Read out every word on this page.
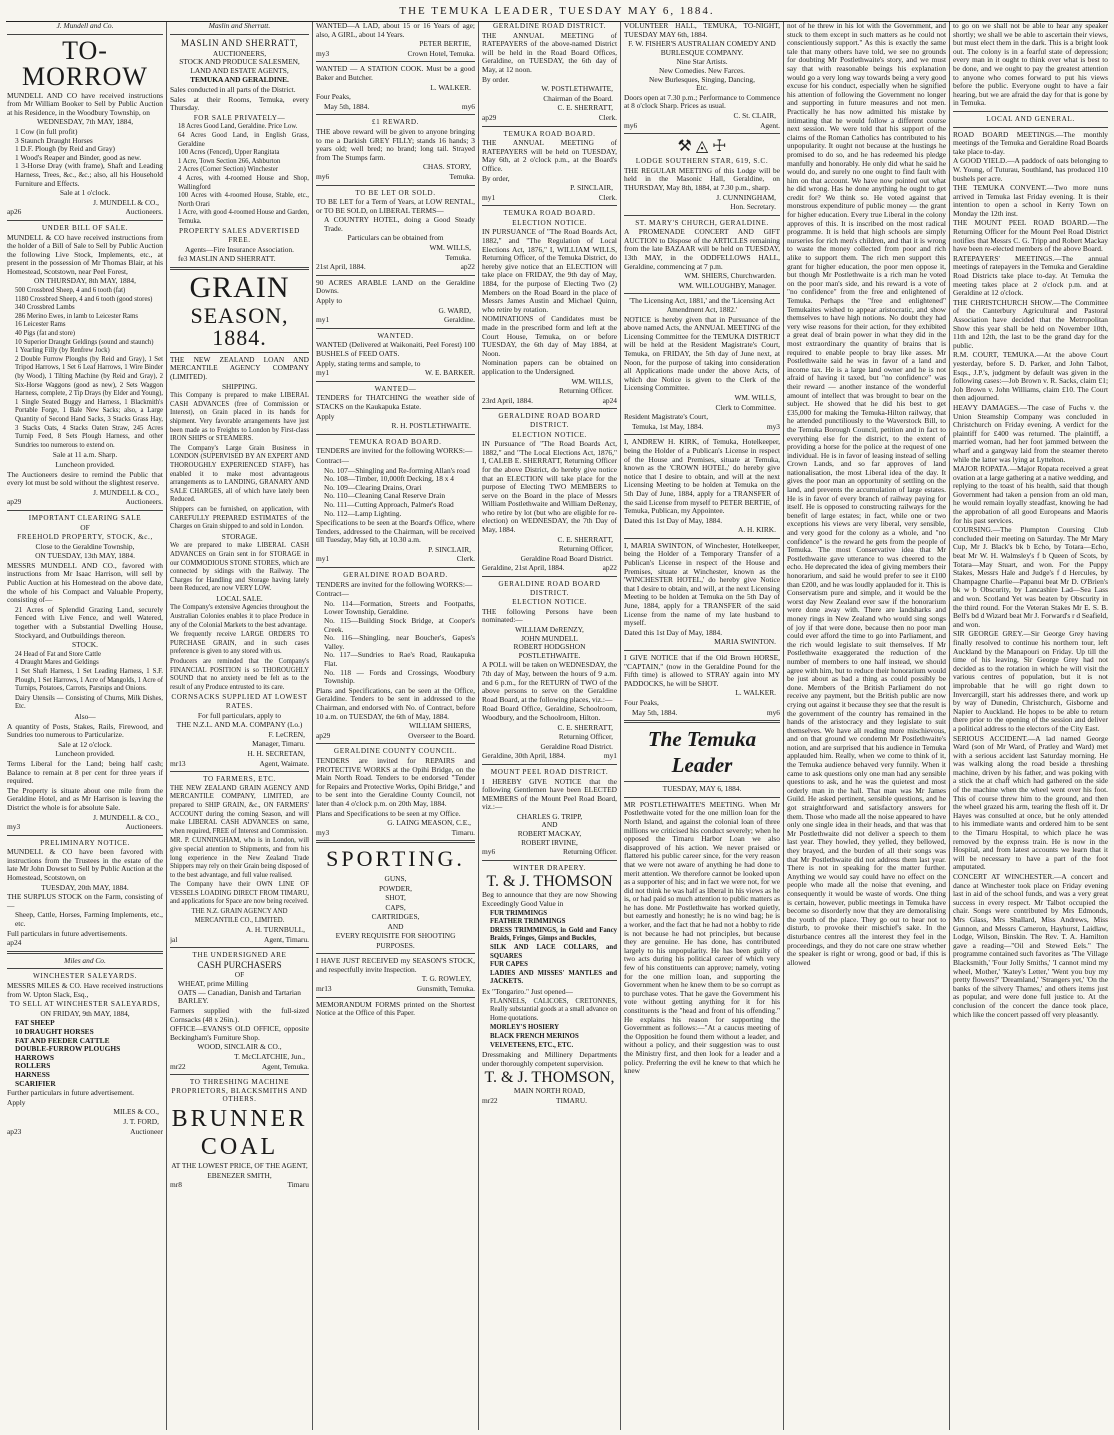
THE TEMUKA LEADER, TUESDAY MAY 6, 1884.
J. Mundell and Co.
TO-MORROW

MUNDELL AND CO have received instructions from Mr William Booker to Sell by Public Auction at his Residence, in the Woodbury Township, on

WEDNESDAY, 7th MAY, 1884,

1 Cow (in full profit)
3 Staunch Draught Horses
1 D.F. Plough (by Reid and Gray)
1 Wood's Reaper and Binder, good as new.
1 3-Horse Dray (with frame), Shaft and Leading Harness, Trees, &c., &c.; also, all his Household Furniture and Effects.

Sale at 1 o'clock.

J. MUNDELL & CO.,

ap26	Auctioneers.

UNDER BILL OF SALE.

MUNDELL & CO have received instructions from the holder of a Bill of Sale to Sell by Public Auction the following Live Stock, Implements, etc., at present in the possession of Mr Thomas Blair, at his Homestead, Scotstown, near Peel Forest,

ON THURSDAY, 8th MAY, 1884,

500 Crossbred Sheep, 4 and 6 tooth (fat)
1180 Crossbred Sheep, 4 and 6 tooth (good stores)
340 Crossbred Lambs
286 Merino Ewes, in lamb to Leicester Rams
16 Leicester Rams
40 Pigs (fat and store)
10 Superior Draught Geldings (sound and staunch)
1 Yearling Filly (by Renfrew Jock)
2 Double Furrow Ploughs (by Reid and Gray), 1 Set Tripod Harrows, 1 Set 6 Leaf Harrows, 1 Wire Binder (by Wood), 1 Tilting Machine (by Reid and Gray), 2 Six-Horse Waggons (good as new), 2 Sets Waggon Harness, complete, 2 Tip Drays (by Elder and Young), 1 Single Seated Buggy and Harness, 1 Blackmith's Portable Forge, 1 Bale New Sacks; also, a Large Quantity of Second Hand Sacks, 3 Stacks Grass Hay, 3 Stacks Oats, 4 Stacks Oaten Straw, 245 Acres Turnip Feed, 8 Sets Plough Harness, and other Sundries too numerous to extend on.

Sale at 11 a.m. Sharp.

Luncheon provided.

The Auctioneers desire to remind the Public that every lot must be sold without the slightest reserve.

J. MUNDELL & CO.,

ap29	Auctioneers.

IMPORTANT CLEARING SALE

OF

FREEHOLD PROPERTY, STOCK, &c.,

Close to the Geraldine Township,

ON TUESDAY, 13th MAY, 1884.

MESSRS MUNDELL AND CO., favored with instructions from Mr Isaac Harrison, will sell by Public Auction at his Homestead on the above date, the whole of his Compact and Valuable Property, consisting of—

21 Acres of Splendid Grazing Land, securely Fenced with Live Fence, and well Watered, together with a Substantial Dwelling House, Stockyard, and Outbuildings thereon.

STOCK.

24 Head of Fat and Store Cattle
4 Draught Mares and Geldings
1 Set Shaft Harness, 1 Set Leading Harness, 1 S.F. Plough, 1 Set Harrows, 1 Acre of Mangolds, 1 Acre of Turnips, Potatoes, Carrots, Parsnips and Onions.

Dairy Utensils — Consisting of Churns, Milk Dishes, Etc.

Also—

A quantity of Posts, Stakes, Rails, Firewood, and Sundries too numerous to Particularize.

Sale at 12 o'clock.

Luncheon provided.

Terms Liberal for the Land; being half cash; Balance to remain at 8 per cent for three years if required.

The Property is situate about one mile from the Geraldine Hotel, and as Mr Harrison is leaving the District the whole is for absolute Sale.

J. MUNDELL & CO.,

my3	Auctioneers.

PRELIMINARY NOTICE.

MUNDELL & CO have been favored with instructions from the Trustees in the estate of the late Mr John Dowset to Sell by Public Auction at the Homestead, Scotstown, on

TUESDAY, 20th MAY, 1884.

THE SURPLUS STOCK on the Farm, consisting of—

Sheep, Cattle, Horses, Farming Implements, etc., etc.

Full particulars in future advertisements.

ap24
Miles and Co.

WINCHESTER SALEYARDS.

MESSRS MILES & CO. Have received instructions from W. Upton Slack, Esq.,

TO SELL AT WINCHESTER SALEYARDS,

ON FRIDAY, 9th MAY, 1884,

FAT SHEEP
10 DRAUGHT HORSES
FAT AND FEEDER CATTLE
DOUBLE-FURROW PLOUGHS
HARROWS
ROLLERS
HARNESS
SCARIFIER

Further particulars in future advertisement.

Apply

MILES & CO.,

J. T. FORD,

ap23	Auctioneer
Maslin and Sherratt.

MASLIN AND SHERRATT,

AUCTIONEERS,
STOCK AND PRODUCE SALESMEN, LAND AND ESTATE AGENTS,

TEMUKA AND GERALDINE.

Sales conducted in all parts of the District.

Sales at their Rooms, Temuka, every Thursday.

FOR SALE PRIVATELY—

18 Acres Good Land, Geraldine. Price Low.
64 Acres Good Land, in English Grass, Geraldine
100 Acres (Fenced), Upper Rangitata
1 Acre, Town Section 266, Ashburton
2 Acres (Corner Section) Winchester
4 Acres, with 4-roomed House and Shop, Wallingford
100 Acres with 4-roomed House, Stable, etc., North Orari
1 Acre, with good 4-roomed House and Garden, Temuka.

PROPERTY SALES ADVERTISED FREE.

Agents—Fire Insurance Association.

fe3 MASLIN AND SHERRATT.

GRAIN
SEASON, 1884.

THE NEW ZEALAND LOAN AND MERCANTILE AGENCY COMPANY (LIMITED).

SHIPPING.

This Company is prepared to make LIBERAL CASH ADVANCES (free of Commission or Interest), on Grain placed in its hands for shipment. Very favorable arrangements have just been made as to Freights to London by First-class IRON SHIPS or STEAMERS.

The Company's Large Grain Business in LONDON (SUPERVISED BY AN EXPERT AND THOROUGHLY EXPERIENCED STAFF), has enabled it to make most advantageous arrangements as to LANDING, GRANARY AND SALE CHARGES, all of which have lately been Reduced.

Shippers can be furnished, on application, with CAREFULLY PREPARED ESTIMATES of the Charges on Grain shipped to and sold in London.

STORAGE.

We are prepared to make LIBERAL CASH ADVANCES on Grain sent in for STORAGE in our COMMODIOUS STONE STORES, which are connected by sidings with the Railway. The Charges for Handling and Storage having lately been Reduced, are now VERY LOW.

LOCAL SALE.

The Company's extensive Agencies throughout the Australian Colonies enables it to place Produce in any of the Colonial Markets to the best advantage.

We frequently receive LARGE ORDERS TO PURCHASE GRAIN, and in such cases preference is given to any stored with us.

Producers are reminded that the Company's FINANCIAL POSITION is so THOROUGHLY SOUND that no anxiety need be felt as to the result of any Produce entrusted to its care.

CORNSACKS SUPPLIED AT LOWEST RATES.

For full particulars, apply to

THE N.Z.L. AND M.A. COMPANY (Lo.)

F. LeCREN,

Manager, Timaru.

H. H. SECRETAN,

mr13	Agent, Waimate.

TO FARMERS, ETC.

THE NEW ZEALAND GRAIN AGENCY AND MERCANTILE COMPANY, LIMITED, are prepared to SHIP GRAIN, &c., ON FARMERS' ACCOUNT during the coming Season, and will make LIBERAL CASH ADVANCES on same, when required, FREE of Interest and Commission.

MR. P. CUNNINGHAM, who is in London, will give special attention to Shipments, and from his long experience in the New Zealand Trade Shippers may rely on their Grain being disposed of to the best advantage, and full value realised.

The Company have their OWN LINE OF VESSELS LOADING DIRECT FROM TIMARU, and applications for Space are now being received.

THE N.Z. GRAIN AGENCY AND MERCANTILE CO., LIMITED.

A. H. TURNBULL,

jal	Agent, Timaru.

THE UNDERSIGNED ARE

CASH PURCHASERS

OF

WHEAT, prime Milling
OATS — Canadian, Danish and Tartarian
BARLEY.

Farmers supplied with the full-sized Cornsacks (48 x 26in.).

OFFICE—EVANS'S OLD OFFICE, opposite Beckingham's Furniture Shop.

WOOD, SINCLAIR & CO.,

T. McCLATCHIE, Jun.,

mr22	Agent, Temuka.

TO THRESHING MACHINE PROPRIETORS, BLACKSMITHS AND OTHERS.

BRUNNER
COAL

AT THE LOWEST PRICE, OF THE AGENT,

EBENEZER SMITH,

mr8	Timaru

WANTED—A LAD, about 15 or 16 Years of age; also, A GIRL, about 14 Years.

PETER BERTIE,

my3	Crown Hotel, Temuka.

WANTED — A STATION COOK. Must be a good Baker and Butcher.

L. WALKER.

Four Peaks,

May 5th, 1884.	my6

£1 REWARD.

THE above reward will be given to anyone bringing to me a Darkish GREY FILLY; stands 16 hands; 3 years old; well bred; no brand; long tail. Strayed from The Stumps farm.

CHAS. STORY,

my6	Temuka.

TO BE LET OR SOLD.

TO BE LET for a Term of Years, at LOW RENTAL, or TO BE SOLD, on LIBERAL TERMS—

A COUNTRY HOTEL, doing a Good Steady Trade.

Particulars can be obtained from

WM. WILLS,

Temuka.

21st April, 1884.	ap22

90 ACRES ARABLE LAND on the Geraldine Downs.

Apply to

G. WARD,

my1	Geraldine.

WANTED.

WANTED (Delivered at Waikonaiti, Peel Forest) 100 BUSHELS of FEED OATS.

Apply, stating terms and sample, to

my1	W. E. BARKER.

WANTED—

TENDERS for THATCHING the weather side of STACKS on the Kaukapuka Estate.

Apply

R. H. POSTLETHWAITE.

TEMUKA ROAD BOARD.

TENDERS are invited for the following WORKS:—

Contract—

No. 107—Shingling and Re-forming Allan's road
No. 108—Timber, 10,000ft Decking, 18 x 4
No. 109—Clearing Drains, Orari
No. 110—Cleaning Canal Reserve Drain
No. 111—Cutting Approach, Palmer's Road
No. 112—Lamp Lighting.

Specifications to be seen at the Board's Office, where Tenders, addressed to the Chairman, will be received till Tuesday, May 6th, at 10.30 a.m.

P. SINCLAIR,

my1	Clerk.

GERALDINE ROAD BOARD.

TENDERS are invited for the following WORKS:—

Contract—

No. 114—Formation, Streets and Footpaths, Lower Township, Geraldine.
No. 115—Building Stock Bridge, at Cooper's Creek.
No. 116—Shingling, near Boucher's, Gapes's Valley.
No. 117—Sundries to Rae's Road, Raukapuka Flat.
No. 118 — Fords and Crossings, Woodbury Township.

Plans and Specifications, can be seen at the Office, Geraldine. Tenders to be sent in addressed to the Chairman, and endorsed with No. of Contract, before 10 a.m. on TUESDAY, the 6th of May, 1884.

WILLIAM SHIERS,

ap29	Overseer to the Board.

GERALDINE COUNTY COUNCIL.

TENDERS are invited for REPAIRS and PROTECTIVE WORKS at the Opihi Bridge, on the Main North Road. Tenders to be endorsed "Tender for Repairs and Protective Works, Opihi Bridge," and to be sent into the Geraldine County Council, not later than 4 o'clock p.m. on 20th May, 1884.

Plans and Specifications to be seen at my Office.

G. LAING MEASON, C.E.,

my3	Timaru.
SPORTING.

GUNS,
POWDER,
SHOT,
CAPS,
CARTRIDGES,
AND
EVERY REQUISITE FOR SHOOTING PURPOSES.

I HAVE JUST RECEIVED my SEASON'S STOCK, and respectfully invite Inspection.

T. G. ROWLEY,

mr13	Gunsmith, Temuka.

MEMORANDUM FORMS printed on the Shortest Notice at the Office of this Paper.

GERALDINE ROAD DISTRICT.

THE ANNUAL MEETING of RATEPAYERS of the above-named District will be held in the Road Board Offices, Geraldine, on TUESDAY, the 6th day of May, at 12 noon.

By order.

W. POSTLETHWAITE,

Chairman of the Board.

C. E. SHERRATT,

ap29	Clerk.

TEMUKA ROAD BOARD.

THE ANNUAL MEETING of RATEPAYERS will be held on TUESDAY, May 6th, at 2 o'clock p.m., at the Board's Office.

By order,

P. SINCLAIR,

my1	Clerk.

TEMUKA ROAD BOARD.

ELECTION NOTICE.

IN PURSUANCE of "The Road Boards Act, 1882," and "The Regulation of Local Elections Act, 1876," I, WILLIAM WILLS, Returning Officer, of the Temuka District, do hereby give notice that an ELECTION will take place on FRIDAY, the 9th day of May, 1884, for the purpose of Electing Two (2) Members on the Road Board in the place of Messrs James Austin and Michael Quinn, who retire by rotation.

NOMINATIONS of Candidates must be made in the prescribed form and left at the Court House, Temuka, on or before TUESDAY, the 6th day of May 1884, at Noon.

Nomination papers can be obtained on application to the Undersigned.

WM. WILLS,

Returning Officer.

23rd April, 1884.	ap24

GERALDINE ROAD BOARD DISTRICT.

ELECTION NOTICE.

IN Pursuance of "The Road Boards Act, 1882," and "The Local Elections Act, 1876," I, CALEB E. SHERRATT, Returning Officer for the above District, do hereby give notice that an ELECTION will take place for the purpose of Electing TWO MEMBERS to serve on the Board in the place of Messrs William Postlethwaite and William DeRenzy, who retire by lot (but who are eligible for re-election) on WEDNESDAY, the 7th Day of May, 1884.

C. E. SHERRATT,

Returning Officer,

Geraldine Road Board District.

Geraldine, 21st April, 1884.	ap22

GERALDINE ROAD BOARD DISTRICT.

ELECTION NOTICE.

THE following Persons have been nominated:—

WILLIAM DeRENZY,
JOHN MUNDELL
ROBERT HODGSHON POSTLETHWAITE.

A POLL will be taken on WEDNESDAY, the 7th day of May, between the hours of 9 a.m. and 6 p.m., for the RETURN of TWO of the above persons to serve on the Geraldine Road Board, at the following places, viz.:—

Road Board Office, Geraldine, Schoolroom, Woodbury, and the Schoolroom, Hilton.

C. E. SHERRATT,

Returning Officer,

Geraldine Road District.

Geraldine, 30th April, 1884.	my1

MOUNT PEEL ROAD DISTRICT.

I HEREBY GIVE NOTICE that the following Gentlemen have been ELECTED MEMBERS of the Mount Peel Road Board, viz.:—

CHARLES G. TRIPP,
AND
ROBERT MACKAY,
ROBERT IRVINE,

my6	Returning Officer.

WINTER DRAPERY.

T. & J. THOMSON

Beg to announce that they are now Showing Exceedingly Good Value in

FUR TRIMMINGS
FEATHER TRIMMINGS
DRESS TRIMMINGS, in Gold and Fancy Braids, Fringes, Gimps and Buckles,
SILK AND LACE COLLARS, and SQUARES
FUR CAPES
LADIES AND MISSES' MANTLES and JACKETS.

Ex "Tongariro." Just opened—

FLANNELS, CALICOES, CRETONNES, Really substantial goods at a small advance on Home quotations.

MORLEY'S HOSIERY
BLACK FRENCH MERINOS
VELVETEENS, ETC., ETC.

Dressmaking and Millinery Departments under thoroughly competent supervision.

T. & J. THOMSON,

MAIN NORTH ROAD,

mr22	TIMARU.

VOLUNTEER HALL, TEMUKA, TO-NIGHT, TUESDAY MAY 6th, 1884.

F. W. FISHER'S AUSTRALIAN COMEDY AND BURLESQUE COMPANY.

Nine Star Artists.
New Comedies. New Farces.
New Burlesques, Singing, Dancing,
Etc.

Doors open at 7.30 p.m.; Performance to Commence at 8 o'clock Sharp. Prices as usual.

C. St. CLAIR,

my6	Agent.
⚒ ◬ ☩

LODGE SOUTHERN STAR, 619, S.C.

THE REGULAR MEETING of this Lodge will be held in the Masonic Hall, Geraldine, on THURSDAY, May 8th, 1884, at 7.30 p.m., sharp.

J. CUNNINGHAM,

Hon. Secretary.

ST. MARY'S CHURCH, GERALDINE.

A PROMENADE CONCERT AND GIFT AUCTION to Dispose of the ARTICLES remaining from the late BAZAAR will be held on TUESDAY, 13th MAY, in the ODDFELLOWS HALL, Geraldine, commencing at 7 p.m.

WM. SHIERS, Churchwarden.

WM. WILLOUGHBY, Manager.

'The Licensing Act, 1881,' and the 'Licensing Act Amendment Act, 1882.'

NOTICE is hereby given that in Pursuance of the above named Acts, the ANNUAL MEETING of the Licensing Committee for the TEMUKA DISTRICT will be held at the Resident Magistrate's Court, Temuka, on FRIDAY, the 5th day of June next, at Noon, for the purpose of taking into consideration all Applications made under the above Acts, of which due Notice is given to the Clerk of the Licensing Committee.

WM. WILLS,

Clerk to Committee.

Resident Magistrate's Court,

Temuka, 1st May, 1884.	my3

I, ANDREW H. KIRK, of Temuka, Hotelkeeper, being the Holder of a Publican's License in respect of the House and Premises, situate at Temuka, known as the 'CROWN HOTEL,' do hereby give notice that I desire to obtain, and will at the next Licensing Meeting to be holden at Temuka on the 5th Day of June, 1884, apply for a TRANSFER of the said License from myself to PETER BERTIE, of Temuka, Publican, my Appointee.

Dated this 1st Day of May, 1884.

A. H. KIRK.

I, MARIA SWINTON, of Winchester, Hotelkeeper, being the Holder of a Temporary Transfer of a Publican's License in respect of the House and Premises, situate at Winchester, known as the 'WINCHESTER HOTEL,' do hereby give Notice that I desire to obtain, and will, at the next Licensing Meeting to be holden at Temuka on the 5th Day of June, 1884, apply for a TRANSFER of the said License from the name of my late husband to myself.

Dated this 1st Day of May, 1884.

MARIA SWINTON.

I GIVE NOTICE that if the Old Brown HORSE, "CAPTAIN," (now in the Geraldine Pound for the Fifth time) is allowed to STRAY again into MY PADDOCKS, he will be SHOT.

L. WALKER.

Four Peaks,

May 5th, 1884.	my6
The Temuka Leader

TUESDAY, MAY 6, 1884.

MR POSTLETHWAITE'S MEETING. When Mr Postlethwaite voted for the one million loan for the North Island, and against the colonial loan of three millions we criticised his conduct severely; when he opposed the Timaru Harbor Loan we also disapproved of his action. We never praised or flattered his public career since, for the very reason that we were not aware of anything he had done to merit attention. We therefore cannot be looked upon as a supporter of his; and in fact we were not, for we did not think he was half as liberal in his views as he is, or had paid so much attention to public matters as he has done. Mr Postlethwaite has worked quietly, but earnestly and honestly; he is no wind bag; he is a worker, and the fact that he had not a hobby to ride is not because he had not principles, but because they are genuine. He has done, has contributed largely to his unpopularity. He has been guilty of two acts during his political career of which very few of his constituents can approve; namely, voting for the one million loan, and supporting the Government when he knew them to be so corrupt as to purchase votes. That he gave the Government his vote without getting anything for it for his constituents is the "head and front of his offending." He explains his reason for supporting the Government as follows:—"At a caucus meeting of the Opposition he found them without a leader, and without a policy, and their suggestion was to oust the Ministry first, and then look for a leader and a policy. Preferring the evil he knew to that which he knew

not of he threw in his lot with the Government, and stuck to them except in such matters as he could not conscientiously support." As this is exactly the same tale that many others have told, we see no grounds for doubting Mr Postlethwaite's story, and we must say that with reasonable beings his explanation would go a very long way towards being a very good excuse for his conduct, especially when he signified his attention of following the Government no longer and supporting in future measures and not men. Practically he has now admitted his mistake by intimating that he would follow a different course next session. We were told that his support of the claims of the Roman Catholics has contributed to his unpopularity. It ought not because at the hustings he promised to do so, and he has redeemed his pledge manfully and honorably. He only did what he said he would do, and surely no one ought to find fault with him on that account. We have now pointed out what he did wrong. Has he done anything he ought to get credit for? We think so. He voted against that monstrous expenditure of public money — the grant for higher education. Every true Liberal in the colony approves of this. It is inscribed on the most radical programme. It is held that high schools are simply nurseries for rich men's children, and that it is wrong to waste the money collected from poor and rich alike to support them. The rich men support this grant for higher education, the poor men oppose it, but though Mr Postlethwaite is a rich man he voted on the poor man's side, and his reward is a vote of "no confidence" from the free and enlightened of Temuka. Perhaps the "free and enlightened" Temukaites wished to appear aristocratic, and show themselves to have high notions. No doubt they had very wise reasons for their action, for they exhibited a great deal of brain power in what they did in the most extraordinary the quantity of brains that is required to enable people to bray like asses. Mr Postlethwaite said he was in favor of a land and income tax. He is a large land owner and he is not afraid of having it taxed, but "no confidence" was their reward — another instance of the wonderful amount of intellect that was brought to bear on the subject. He showed that he did his best to get £35,000 for making the Temuka-Hilton railway, that he attended punctiliously to the Waverstock Bill, to the Temuka Borough Council, petition and in fact to everything else for the district, to the extent of providing a horse for the police at the request of one individual. He is in favor of leasing instead of selling Crown Lands, and so far approves of land nationalisation, the most Liberal idea of the day. It gives the poor man an opportunity of settling on the land, and prevents the accumulation of large estates. He is in favor of every branch of railway paying for itself. He is opposed to constructing railways for the benefit of large estates; in fact, while one or two exceptions his views are very liberal, very sensible, and very good for the colony as a whole, and "no confidence" is the reward he gets from the people of Temuka. The most Conservative idea that Mr Postlethwaite gave utterance to was cheered to the echo. He deprecated the idea of giving members their honorarium, and said he would prefer to see it £100 than £200, and he was loudly applauded for it. This is Conservatism pure and simple, and it would be the worst day New Zealand ever saw if the honorarium were done away with. There are landsharks and money rings in New Zealand who would sing songs of joy if that were done, because then no poor man could ever afford the time to go into Parliament, and the rich would legislate to suit themselves. If Mr Postlethwaite exaggerated the reduction of the number of members to one half instead, we should agree with him, but to reduce their honorarium would be just about as bad a thing as could possibly be done. Members of the British Parliament do not receive any payment, but the British public are now crying out against it because they see that the result is the government of the country has remained in the hands of the aristocracy and they legislate to suit themselves. We have all reading more mischievous, and on that ground we condemn Mr Postlethwaite's notion, and are surprised that his audience in Temuka applauded him. Really, when we come to think of it, the Temuka audience behaved very funnily. When it came to ask questions only one man had any sensible questions to ask, and he was the quietest and most orderly man in the hall. That man was Mr James Guild. He asked pertinent, sensible questions, and he got straightforward and satisfactory answers for them. Those who made all the noise appeared to have only one single idea in their heads, and that was that Mr Postlethwaite did not deliver a speech to them last year. They howled, they yelled, they bellowed, they brayed, and the burden of all their songs was that Mr Postlethwaite did not address them last year. There is not in speaking for the matter further. Anything we would say could have no effect on the people who made all the noise that evening, and consequently it would be waste of words. One thing is certain, however, public meetings in Temuka have become so disorderly now that they are demoralising the youth of the place. They go out to hear not to disturb, to provoke their mischief's sake. In the disturbance centres all the interest they feel in the proceedings, and they do not care one straw whether the speaker is right or wrong, good or bad, if this is allowed

to go on we shall not be able to hear any speaker shortly; we shall we be able to ascertain their views, but must elect them in the dark. This is a bright look out. The colony is in a fearful state of depression; every man in it ought to think over what is best to be done, and we ought to pay the greatest attention to anyone who comes forward to put his views before the public. Everyone ought to have a fair hearing, but we are afraid the day for that is gone by in Temuka.

LOCAL AND GENERAL.

ROAD BOARD MEETINGS.—The monthly meetings of the Temuka and Geraldine Road Boards take place to-day.

A GOOD YIELD.—A paddock of oats belonging to W. Young, of Tuturau, Southland, has produced 110 bushels per acre.

THE TEMUKA CONVENT.—Two more nuns arrived in Temuka last Friday evening. It is their intention to open a school in Kerry Town on Monday the 12th inst.

THE MOUNT PEEL ROAD BOARD.—The Returning Officer for the Mount Peel Road District notifies that Messrs C. G. Tripp and Robert Mackay have been re-elected members of the above Board.

RATEPAYERS' MEETINGS.—The annual meetings of ratepayers in the Temuka and Geraldine Road Districts take place to-day. At Temuka the meeting takes place at 2 o'clock p.m. and at Geraldine at 12 o'clock.

THE CHRISTCHURCH SHOW.—The Committee of the Canterbury Agricultural and Pastoral Association have decided that the Metropolitan Show this year shall be held on November 10th, 11th and 12th, the last to be the grand day for the public.

R.M. COURT, TEMUKA.—At the above Court yesterday, before S. D. Parker, and John Talbot, Esqs., J.P.'s, judgment by default was given in the following cases:—Job Brown v. R. Sacks, claim £1; Job Brown v. John Williams, claim £10. The Court then adjourned.

HEAVY DAMAGES.—The case of Fuchs v. the Union Steamship Company was concluded in Christchurch on Friday evening. A verdict for the plaintiff for £400 was returned. The plaintiff, a married woman, had her foot jammed between the wharf and a gangway laid from the steamer thereto while the latter was lying at Lyttelton.

MAJOR ROPATA.—Major Ropata received a great ovation at a large gathering at a native wedding, and replying to the toast of his health, said that though Government had taken a pension from an old man, he would remain loyally steadfast, knowing he had the approbation of all good Europeans and Maoris for his past services.

COURSING.—The Plumpton Coursing Club concluded their meeting on Saturday. The Mr Mary Cup, Mr J. Black's bk b Echo, by Totara—Echo, beat Mr W. H. Walmsley's f b Queen of Scots, by Totara—May Stuart, and won. For the Puppy Stakes, Messrs Hale and Judge's f d Hercules, by Champagne Charlie—Papanui beat Mr D. O'Brien's bk w b Obscurity, by Lancashire Lad—Sea Lass and won. Scotland Yet was beaten by Obscurity in the third round. For the Veteran Stakes Mr E. S. B. Bell's bd d Wizard beat Mr J. Forward's r d Seafield, and won.

SIR GEORGE GREY.—Sir George Grey having finally resolved to continue his northern tour, left Auckland by the Manapouri on Friday. Up till the time of his leaving, Sir George Grey had not decided as to the rotation in which he will visit the various centres of population, but it is not improbable that he will go right down to Invercargill, start his addresses there, and work up by way of Dunedin, Christchurch, Gisborne and Napier to Auckland. He hopes to be able to return there prior to the opening of the session and deliver a political address to the electors of the City East.

SERIOUS ACCIDENT.—A lad named George Ward (son of Mr Ward, of Pratley and Ward) met with a serious accident last Saturday morning. He was walking along the road beside a threshing machine, driven by his father, and was poking with a stick the at chaff which had gathered on the side of the machine when the wheel went over his foot. This of course threw him to the ground, and then the wheel grazed his arm, tearing the flesh off it. Dr Hayes was consulted at once, but he only attended to his immediate wants and ordered him to be sent to the Timaru Hospital, to which place he was removed by the express train. He is now in the Hospital, and from latest accounts we learn that it will be necessary to have a part of the foot amputated.

CONCERT AT WINCHESTER.—A concert and dance at Winchester took place on Friday evening last in aid of the school funds, and was a very great success in every respect. Mr Talbot occupied the chair. Songs were contributed by Mrs Edmonds, Mrs Glass, Mrs Shallard, Miss Andrews, Miss Gunnon, and Messrs Cameron, Hayhurst, Laidlaw, Lodge, Wilson, Binskin. The Rev. T. A. Hamilton gave a reading—"Oil and Stewed Eels." The programme contained such favorites as 'The Village Blacksmith,' 'Four Jolly Smiths,' 'I cannot mind my wheel, Mother,' 'Katey's Letter,' 'Went you buy my pretty flowers?' 'Dreamland,' 'Strangers yet,' 'On the banks of the silvery Thames,' and others items just as popular, and were done full justice to. At the conclusion of the concert the dance took place, which like the concert passed off very pleasantly.
